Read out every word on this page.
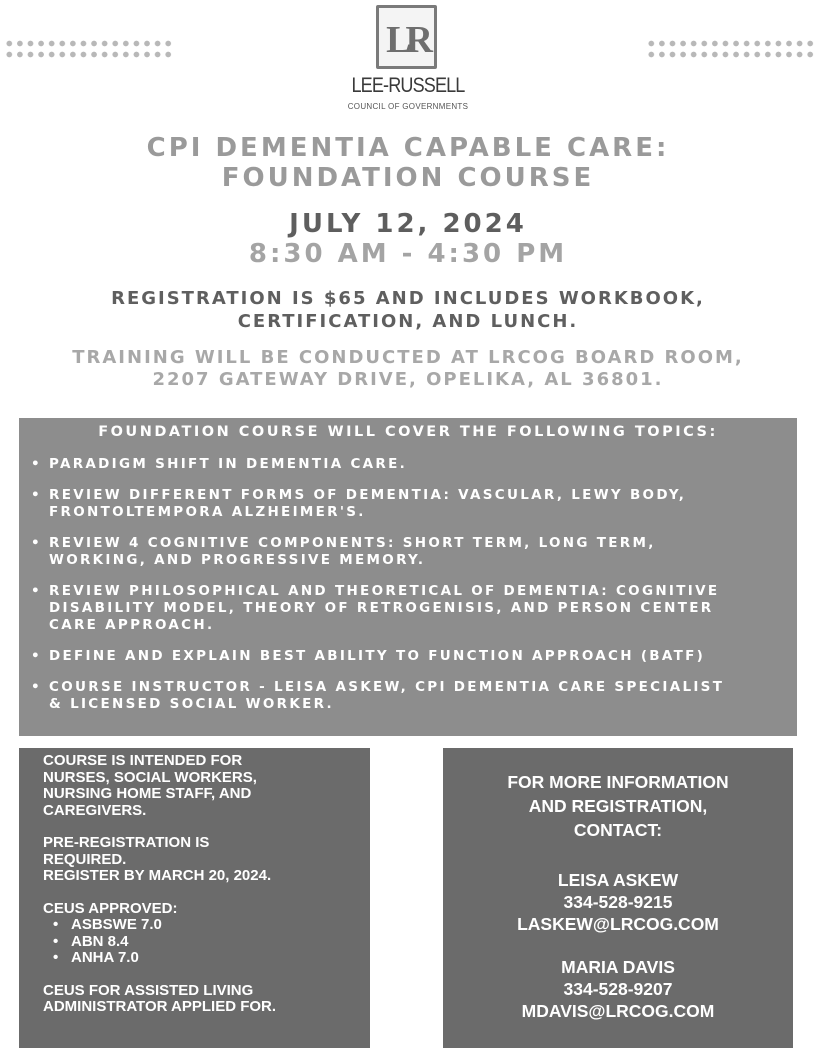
LR
LEE-RUSSELL
COUNCIL OF GOVERNMENTS
CPI DEMENTIA CAPABLE CARE:
FOUNDATION COURSE
JULY 12, 2024
8:30 AM - 4:30 PM
REGISTRATION IS $65 AND INCLUDES WORKBOOK,
CERTIFICATION, AND LUNCH.
TRAINING WILL BE CONDUCTED AT LRCOG BOARD ROOM,
2207 GATEWAY DRIVE, OPELIKA, AL 36801.
FOUNDATION COURSE WILL COVER THE FOLLOWING TOPICS:
• PARADIGM SHIFT IN DEMENTIA CARE.
• REVIEW DIFFERENT FORMS OF DEMENTIA: VASCULAR, LEWY BODY,
FRONTOLTEMPORA ALZHEIMER'S.
• REVIEW 4 COGNITIVE COMPONENTS: SHORT TERM, LONG TERM,
WORKING, AND PROGRESSIVE MEMORY.
• REVIEW PHILOSOPHICAL AND THEORETICAL OF DEMENTIA: COGNITIVE
DISABILITY MODEL, THEORY OF RETROGENISIS, AND PERSON CENTER
CARE APPROACH.
• DEFINE AND EXPLAIN BEST ABILITY TO FUNCTION APPROACH (BATF)
• COURSE INSTRUCTOR - LEISA ASKEW, CPI DEMENTIA CARE SPECIALIST
& LICENSED SOCIAL WORKER.
COURSE IS INTENDED FOR
NURSES, SOCIAL WORKERS,
NURSING HOME STAFF, AND
CAREGIVERS.
PRE-REGISTRATION IS
REQUIRED.
REGISTER BY MARCH 20, 2024.
CEUS APPROVED:
• ASBSWE 7.0
• ABN 8.4
• ANHA 7.0
CEUS FOR ASSISTED LIVING
ADMINISTRATOR APPLIED FOR.
FOR MORE INFORMATION
AND REGISTRATION,
CONTACT:
LEISA ASKEW
334-528-9215
LASKEW@LRCOG.COM
MARIA DAVIS
334-528-9207
MDAVIS@LRCOG.COM
